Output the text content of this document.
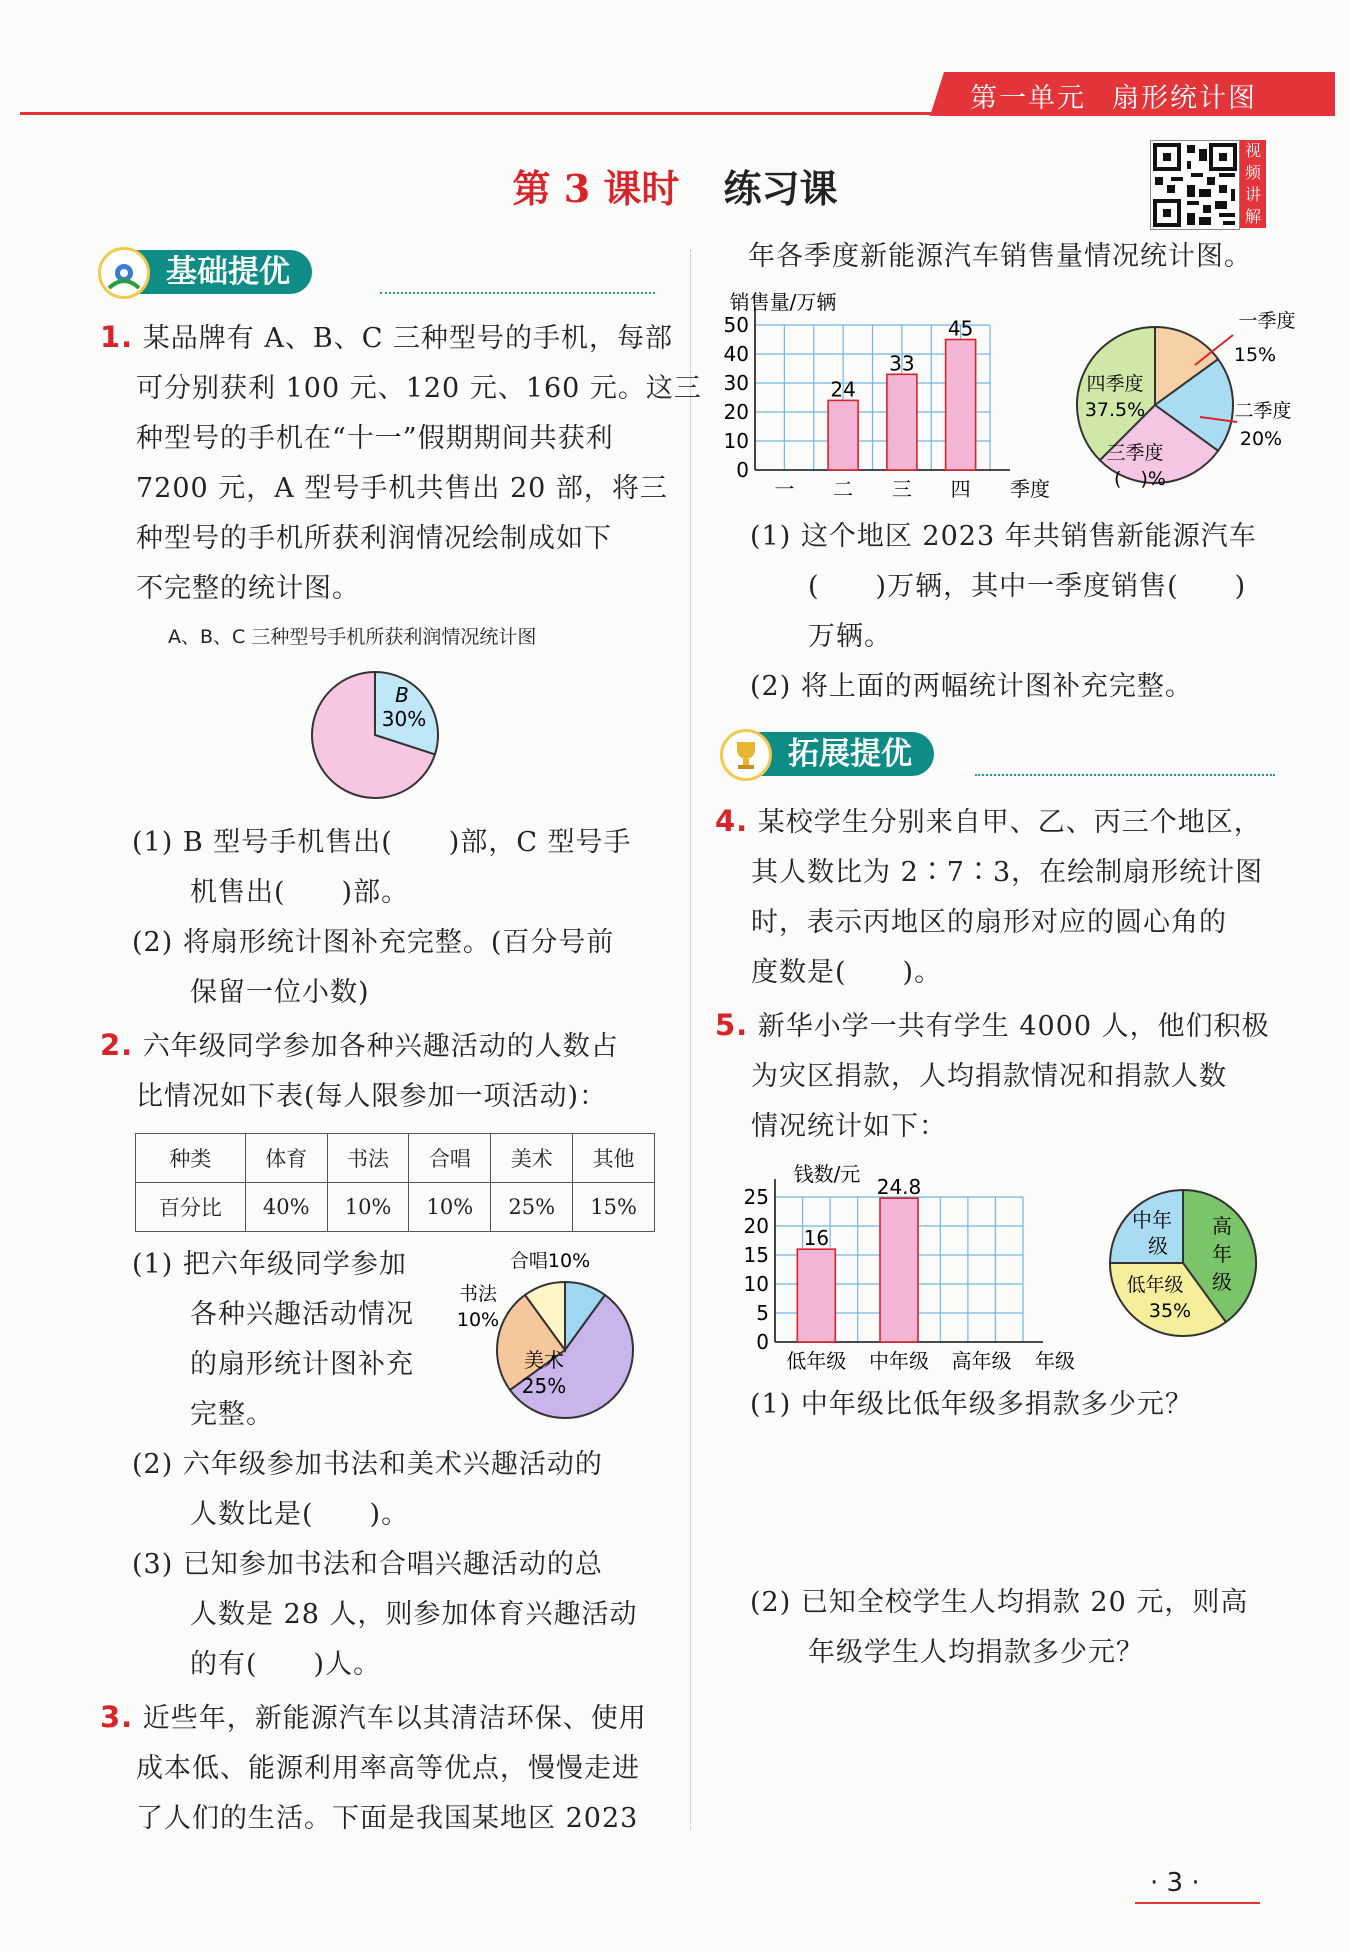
第一单元 扇形统计图
第 3 课时 练习课
视频讲解
基础提优
1. 某品牌有 A、B、C 三种型号的手机，每部
可分别获利 100 元、120 元、160 元。这三
种型号的手机在“十一”假期期间共获利
7200 元，A 型号手机共售出 20 部，将三
种型号的手机所获利润情况绘制成如下
不完整的统计图。
A、B、C 三种型号手机所获利润情况统计图
B
30%
(1) B 型号手机售出(　　)部，C 型号手
机售出(　　)部。
(2) 将扇形统计图补充完整。(百分号前
保留一位小数)
2. 六年级同学参加各种兴趣活动的人数占
比情况如下表(每人限参加一项活动)：
种类	体育	书法	合唱	美术	其他
百分比	40%	10%	10%	25%	15%
(1) 把六年级同学参加
各种兴趣活动情况
的扇形统计图补充
完整。
合唱10%
书法
10%
美术
25%
(2) 六年级参加书法和美术兴趣活动的
人数比是(　　)。
(3) 已知参加书法和合唱兴趣活动的总
人数是 28 人，则参加体育兴趣活动
的有(　　)人。
3. 近些年，新能源汽车以其清洁环保、使用
成本低、能源利用率高等优点，慢慢走进
了人们的生活。下面是我国某地区 2023
年各季度新能源汽车销售量情况统计图。
0
10
20
30
40
50
销售量/万辆
一 二
24
三
33
四
45
季度
四季度
37.5%
三季度
(　)%
一季度
15%
二季度
20%
(1) 这个地区 2023 年共销售新能源汽车
(　　)万辆，其中一季度销售(　　)
万辆。
(2) 将上面的两幅统计图补充完整。
拓展提优
4. 某校学生分别来自甲、乙、丙三个地区，
其人数比为 2∶7∶3，在绘制扇形统计图
时，表示丙地区的扇形对应的圆心角的
度数是(　　)。
5. 新华小学一共有学生 4000 人，他们积极
为灾区捐款，人均捐款情况和捐款人数
情况统计如下：
0
5
10
15
20
25
钱数/元
低年级
16
中年级
24.8
高年级 年级
高
年
级
中年
级
低年级
35%
(1) 中年级比低年级多捐款多少元？
(2) 已知全校学生人均捐款 20 元，则高
年级学生人均捐款多少元？
· 3 ·
